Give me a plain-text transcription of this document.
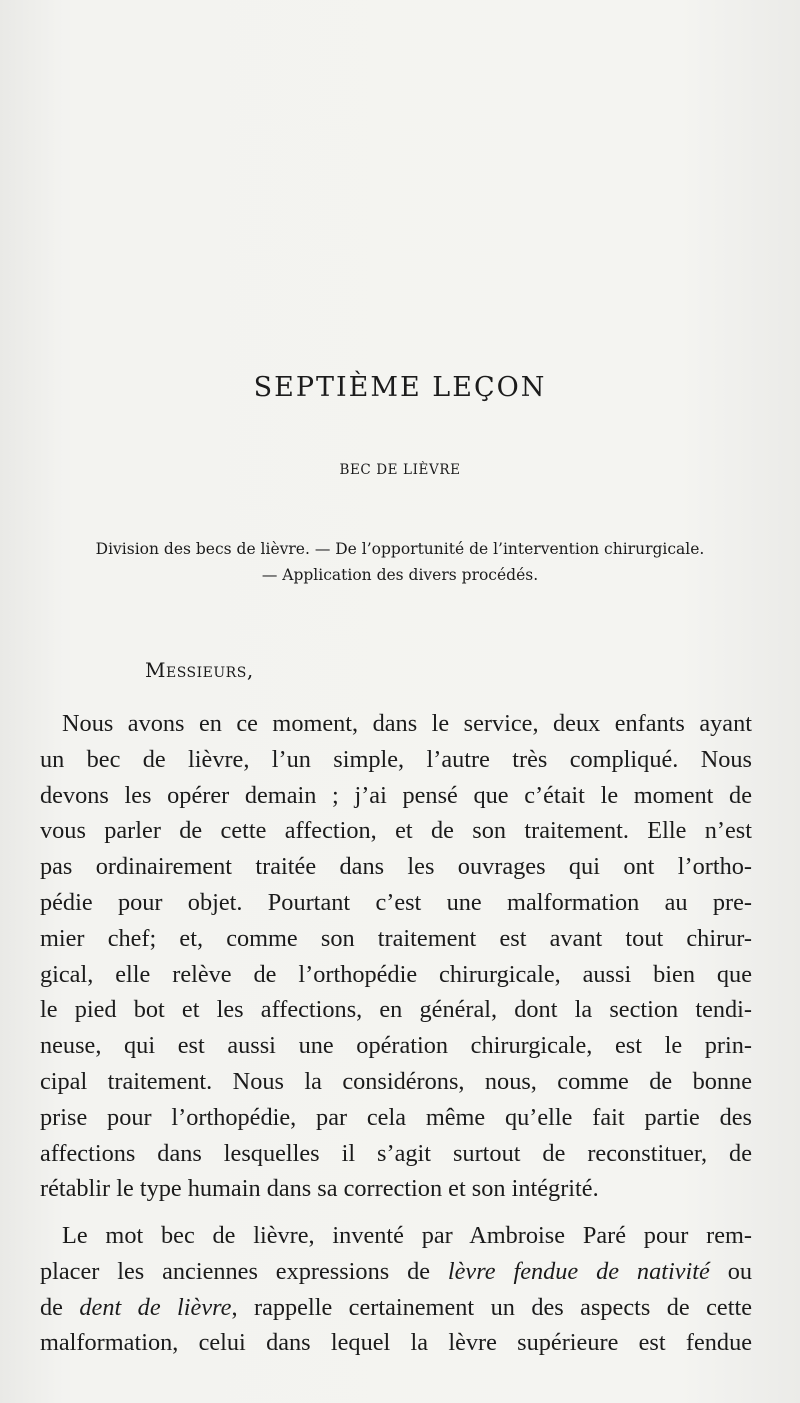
SEPTIÈME LEÇON
BEC DE LIÈVRE

Division des becs de lièvre. — De l’opportunité de l’intervention chirurgicale.
— Application des divers procédés.

Messieurs,

Nous avons en ce moment, dans le service, deux enfants ayant
un bec de lièvre, l’un simple, l’autre très compliqué. Nous
devons les opérer demain ; j’ai pensé que c’était le moment de
vous parler de cette affection, et de son traitement. Elle n’est
pas ordinairement traitée dans les ouvrages qui ont l’ortho-
pédie pour objet. Pourtant c’est une malformation au pre-
mier chef; et, comme son traitement est avant tout chirur-
gical, elle relève de l’orthopédie chirurgicale, aussi bien que
le pied bot et les affections, en général, dont la section tendi-
neuse, qui est aussi une opération chirurgicale, est le prin-
cipal traitement. Nous la considérons, nous, comme de bonne
prise pour l’orthopédie, par cela même qu’elle fait partie des
affections dans lesquelles il s’agit surtout de reconstituer, de
rétablir le type humain dans sa correction et son intégrité.
Le mot bec de lièvre, inventé par Ambroise Paré pour rem-
placer les anciennes expressions de lèvre fendue de nativité ou
de dent de lièvre, rappelle certainement un des aspects de cette
malformation, celui dans lequel la lèvre supérieure est fendue
